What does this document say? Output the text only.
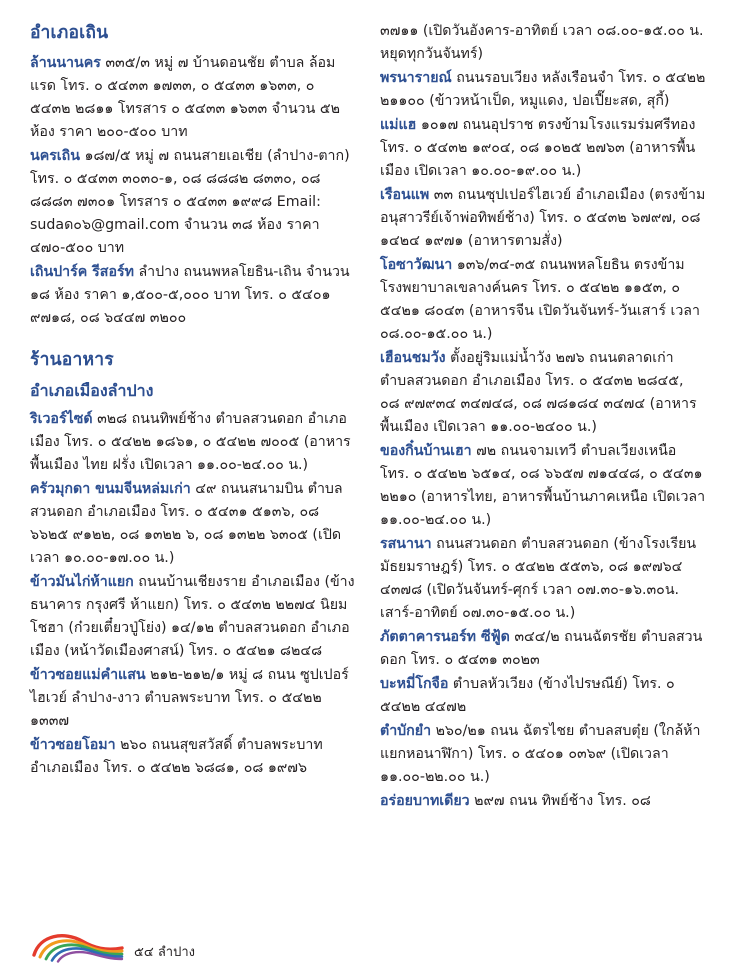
อำเภอเถิน

ล้านนานคร ๓๓๕/๓ หมู่ ๗ บ้านดอนชัย ตำบล ล้อมแรด โทร. ๐ ๕๔๓๓ ๑๗๓๓, ๐ ๕๔๓๓ ๑๖๓๓, ๐ ๕๔๓๒ ๒๘๑๑ โทรสาร ๐ ๕๔๓๓ ๑๖๓๓ จำนวน ๕๒ ห้อง ราคา ๒๐๐-๕๐๐ บาท

นครเถิน ๑๘๗/๕ หมู่ ๗ ถนนสายเอเชีย (ลำปาง-ตาก) โทร. ๐ ๕๔๓๓ ๓๐๓๐-๑, ๐๘ ๘๘๘๒ ๘๓๓๐, ๐๘ ๘๘๘๓ ๗๓๐๑ โทรสาร ๐ ๕๔๓๓ ๑๙๙๘ Email: sudaด๐๖@gmail.com จำนวน ๓๘ ห้อง ราคา ๔๗๐-๕๐๐ บาท

เถินปาร์ค รีสอร์ท ลำปาง ถนนพหลโยธิน-เถิน จำนวน ๑๘ ห้อง ราคา ๑,๕๐๐-๕,๐๐๐ บาท โทร. ๐ ๕๔๐๑ ๙๗๑๘, ๐๘ ๖๔๔๗ ๓๒๐๐

ร้านอาหาร
อำเภอเมืองลำปาง

ริเวอร์ไซด์ ๓๒๘ ถนนทิพย์ช้าง ตำบลสวนดอก อำเภอเมือง โทร. ๐ ๕๔๒๒ ๑๘๖๑, ๐ ๕๔๒๒ ๗๐๐๕ (อาหารพื้นเมือง ไทย ฝรั่ง เปิดเวลา ๑๑.๐๐-๒๔.๐๐ น.)

ครัวมุกดา ขนมจีนหล่มเก่า ๔๙ ถนนสนามบิน ตำบลสวนดอก อำเภอเมือง โทร. ๐ ๕๔๓๑ ๕๑๓๖, ๐๘ ๖๖๒๕ ๙๑๒๒, ๐๘ ๑๓๒๒ ๖, ๐๘ ๑๓๒๒ ๖๓๐๕ (เปิดเวลา ๑๐.๐๐-๑๗.๐๐ น.)

ข้าวมันไก่ห้าแยก ถนนบ้านเชียงราย อำเภอเมือง (ข้างธนาคาร กรุงศรี ห้าแยก) โทร. ๐ ๕๔๓๒ ๒๒๗๔ นิยมโชฮา (ก๋วยเตี๋ยวปู่โย่ง) ๑๔/๑๒ ตำบลสวนดอก อำเภอเมือง (หน้าวัดเมืองศาสน์) โทร. ๐ ๕๔๒๑ ๘๒๔๘

ข้าวซอยแม่คำแสน ๒๑๒-๒๑๒/๑ หมู่ ๘ ถนน ซูปเปอร์ไฮเวย์ ลำปาง-งาว ตำบลพระบาท โทร. ๐ ๕๔๒๒ ๑๓๓๗

ข้าวซอยโอมา ๒๖๐ ถนนสุขสวัสดิ์ ตำบลพระบาท อำเภอเมือง โทร. ๐ ๕๔๒๒ ๖๘๘๑, ๐๘ ๑๙๗๖

๓๗๑๑ (เปิดวันอังคาร-อาทิตย์ เวลา ๐๘.๐๐-๑๕.๐๐ น. หยุดทุกวันจันทร์)

พรนารายณ์ ถนนรอบเวียง หลังเรือนจำ โทร. ๐ ๕๔๒๒ ๒๑๑๐๐ (ข้าวหน้าเป็ด, หมูแดง, ปอเปี๊ยะสด, สุกี้)

แม่แฮ ๑๐๑๗ ถนนอุปราช ตรงข้ามโรงแรมร่มศรีทอง โทร. ๐ ๕๔๓๒ ๑๙๐๔, ๐๘ ๑๐๒๕ ๒๗๖๓ (อาหารพื้นเมือง เปิดเวลา ๑๐.๐๐-๑๙.๐๐ น.)

เรือนแพ ๓๓ ถนนซุปเปอร์ไฮเวย์ อำเภอเมือง (ตรงข้ามอนุสาวรีย์เจ้าพ่อทิพย์ช้าง) โทร. ๐ ๕๔๓๒ ๖๗๙๗, ๐๘ ๑๔๒๔ ๑๙๗๑ (อาหารตามสั่ง)

โอซาวัฒนา ๑๓๖/๓๔-๓๕ ถนนพหลโยธิน ตรงข้ามโรงพยาบาลเขลางค์นคร โทร. ๐ ๕๔๒๒ ๑๑๕๓, ๐ ๕๔๒๑ ๘๐๔๓ (อาหารจีน เปิดวันจันทร์-วันเสาร์ เวลา ๐๘.๐๐-๑๕.๐๐ น.)

เฮือนชมวัง ตั้งอยู่ริมแม่น้ำวัง ๒๗๖ ถนนตลาดเก่า ตำบลสวนดอก อำเภอเมือง โทร. ๐ ๕๔๓๒ ๒๘๔๕, ๐๘ ๙๗๙๓๔ ๓๔๗๔๘, ๐๘ ๗๘๑๘๔ ๓๔๗๔ (อาหารพื้นเมือง เปิดเวลา ๑๑.๐๐-๒๔๐๐ น.)

ของกิ๋นบ้านเฮา ๗๒ ถนนจามเทวี ตำบลเวียงเหนือ โทร. ๐ ๕๔๒๒ ๖๕๑๔, ๐๘ ๖๖๕๗ ๗๑๔๔๘, ๐ ๕๔๓๑ ๒๒๑๐ (อาหารไทย, อาหารพื้นบ้านภาคเหนือ เปิดเวลา ๑๑.๐๐-๒๔.๐๐ น.)

รสนานา ถนนสวนดอก ตำบลสวนดอก (ข้างโรงเรียนมัธยมราษฎร์) โทร. ๐ ๕๔๒๒ ๕๕๓๖, ๐๘ ๑๙๗๖๔ ๔๓๗๘ (เปิดวันจันทร์-ศุกร์ เวลา ๐๗.๓๐-๑๖.๓๐น. เสาร์-อาทิตย์ ๐๗.๓๐-๑๕.๐๐ น.)

ภัตตาคารนอร์ท ซีฟู้ด ๓๔๔/๒ ถนนฉัตรชัย ตำบลสวนดอก โทร. ๐ ๕๔๓๑ ๓๐๒๓

บะหมี่โกจือ ตำบลหัวเวียง (ข้างไปรษณีย์) โทร. ๐ ๕๔๒๒ ๔๔๗๒

ตำบักยำ ๒๖๐/๒๑ ถนน ฉัตรไชย ตำบลสบตุ๋ย (ใกล้ห้าแยกหอนาฬิกา) โทร. ๐ ๕๔๐๑ ๐๓๖๙ (เปิดเวลา ๑๑.๐๐-๒๒.๐๐ น.)

อร่อยบาทเดียว ๒๙๗ ถนน ทิพย์ช้าง โทร. ๐๘

๕๔ ลำปาง
